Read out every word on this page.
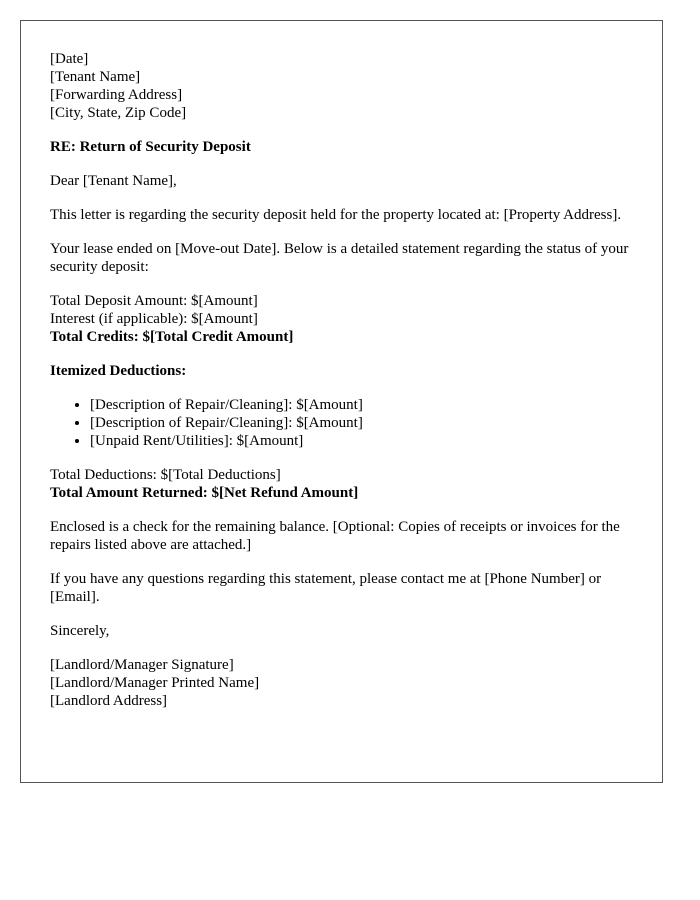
[Date]
[Tenant Name]
[Forwarding Address]
[City, State, Zip Code]

RE: Return of Security Deposit

Dear [Tenant Name],

This letter is regarding the security deposit held for the property located at: [Property Address].

Your lease ended on [Move-out Date]. Below is a detailed statement regarding the status of your security deposit:

Total Deposit Amount: $[Amount]
Interest (if applicable): $[Amount]
Total Credits: $[Total Credit Amount]

Itemized Deductions:

• [Description of Repair/Cleaning]: $[Amount]
• [Description of Repair/Cleaning]: $[Amount]
• [Unpaid Rent/Utilities]: $[Amount]

Total Deductions: $[Total Deductions]
Total Amount Returned: $[Net Refund Amount]

Enclosed is a check for the remaining balance. [Optional: Copies of receipts or invoices for the repairs listed above are attached.]

If you have any questions regarding this statement, please contact me at [Phone Number] or [Email].

Sincerely,

[Landlord/Manager Signature]
[Landlord/Manager Printed Name]
[Landlord Address]
